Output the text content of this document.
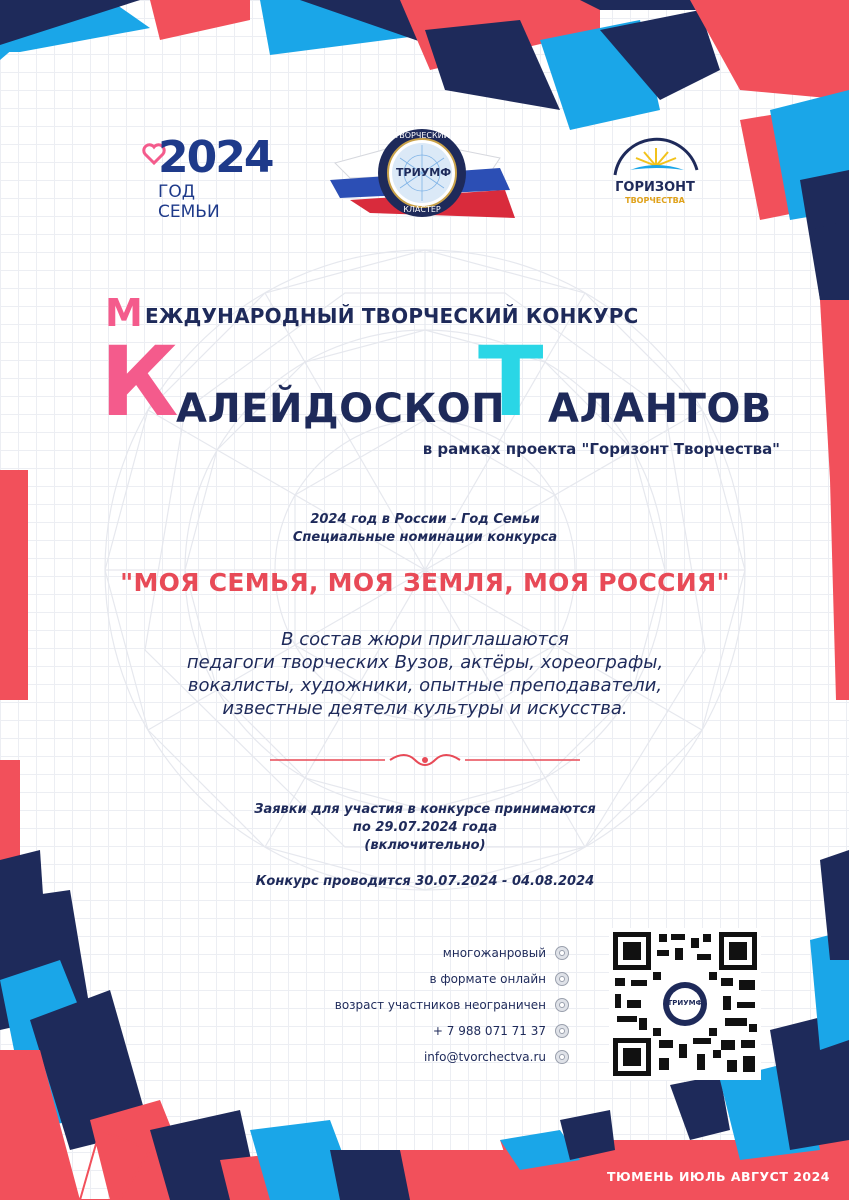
2024
ГОД СЕМЬИ
ТРИУМФ
ТВОРЧЕСКИЙ
КЛАСТЕР
ГОРИЗОНТ
ТВОРЧЕСТВА
М ЕЖДУНАРОДНЫЙ ТВОРЧЕСКИЙ КОНКУРС
К
АЛЕЙДОСКОП
Т АЛАНТОВ
в рамках проекта "Горизонт Творчества"
2024 год в России - Год Семьи
Специальные номинации конкурса
"МОЯ СЕМЬЯ, МОЯ ЗЕМЛЯ, МОЯ РОССИЯ"
В состав жюри приглашаются
педагоги творческих Вузов, актёры, хореографы,
вокалисты, художники, опытные преподаватели,
известные деятели культуры и искусства.
Заявки для участия в конкурсе принимаются
по 29.07.2024 года
(включительно)
Конкурс проводится 30.07.2024 - 04.08.2024
многожанровый
в формате онлайн
возраст участников неограничен
+ 7 988 071 71 37
info@tvorchectva.ru
ТРИУМФ
ТЮМЕНЬ ИЮЛЬ АВГУСТ 2024
